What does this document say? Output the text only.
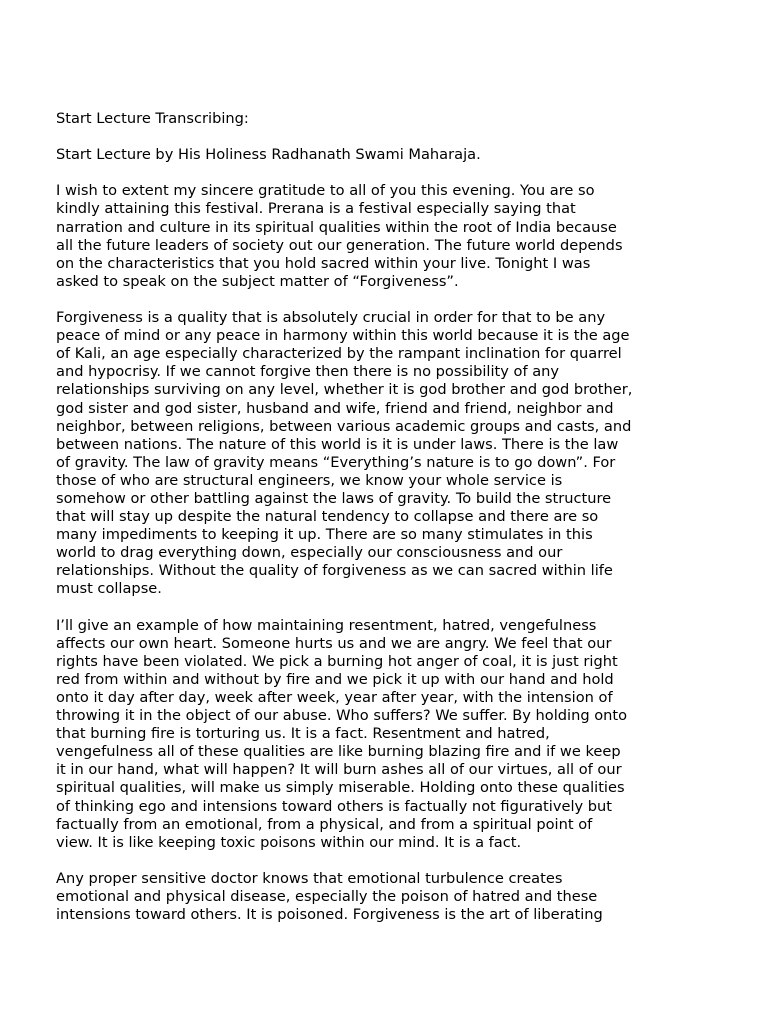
Start Lecture Transcribing:

Start Lecture by His Holiness Radhanath Swami Maharaja.

I wish to extent my sincere gratitude to all of you this evening. You are so
kindly attaining this festival. Prerana is a festival especially saying that
narration and culture in its spiritual qualities within the root of India because
all the future leaders of society out our generation. The future world depends
on the characteristics that you hold sacred within your live. Tonight I was
asked to speak on the subject matter of “Forgiveness”.

Forgiveness is a quality that is absolutely crucial in order for that to be any
peace of mind or any peace in harmony within this world because it is the age
of Kali, an age especially characterized by the rampant inclination for quarrel
and hypocrisy. If we cannot forgive then there is no possibility of any
relationships surviving on any level, whether it is god brother and god brother,
god sister and god sister, husband and wife, friend and friend, neighbor and
neighbor, between religions, between various academic groups and casts, and
between nations. The nature of this world is it is under laws. There is the law
of gravity. The law of gravity means “Everything’s nature is to go down”. For
those of who are structural engineers, we know your whole service is
somehow or other battling against the laws of gravity. To build the structure
that will stay up despite the natural tendency to collapse and there are so
many impediments to keeping it up. There are so many stimulates in this
world to drag everything down, especially our consciousness and our
relationships. Without the quality of forgiveness as we can sacred within life
must collapse.

I’ll give an example of how maintaining resentment, hatred, vengefulness
affects our own heart. Someone hurts us and we are angry. We feel that our
rights have been violated. We pick a burning hot anger of coal, it is just right
red from within and without by fire and we pick it up with our hand and hold
onto it day after day, week after week, year after year, with the intension of
throwing it in the object of our abuse. Who suffers? We suffer. By holding onto
that burning fire is torturing us. It is a fact. Resentment and hatred,
vengefulness all of these qualities are like burning blazing fire and if we keep
it in our hand, what will happen? It will burn ashes all of our virtues, all of our
spiritual qualities, will make us simply miserable. Holding onto these qualities
of thinking ego and intensions toward others is factually not figuratively but
factually from an emotional, from a physical, and from a spiritual point of
view. It is like keeping toxic poisons within our mind. It is a fact.

Any proper sensitive doctor knows that emotional turbulence creates
emotional and physical disease, especially the poison of hatred and these
intensions toward others. It is poisoned. Forgiveness is the art of liberating
